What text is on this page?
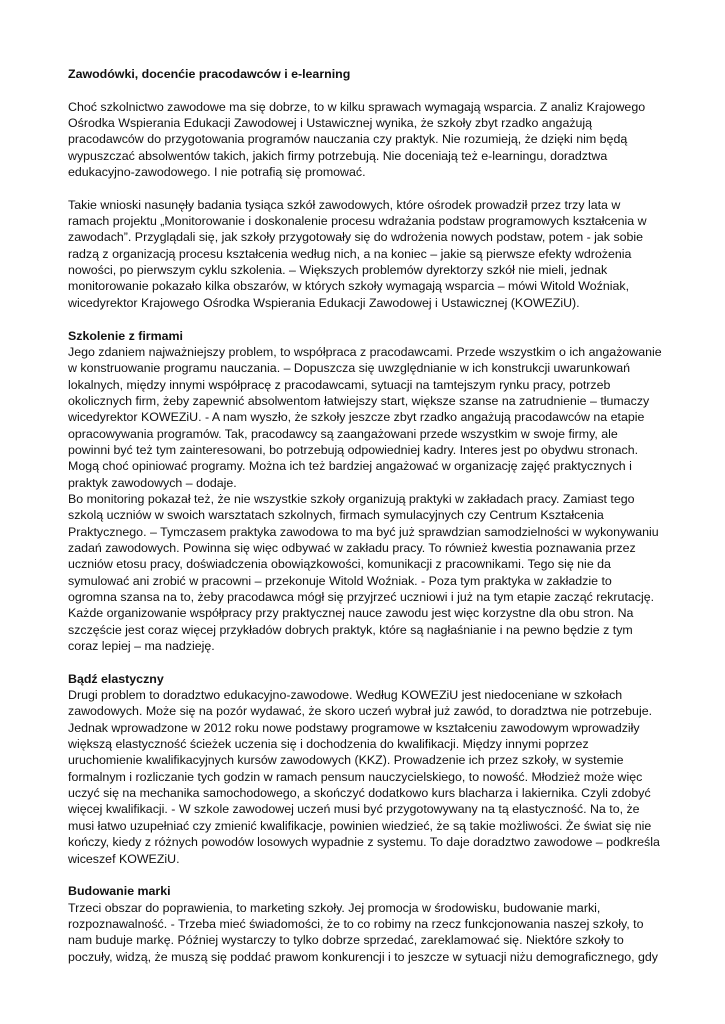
Zawodówki, docenćie pracodawców i e-learning

Choć szkolnictwo zawodowe ma się dobrze, to w kilku sprawach wymagają wsparcia. Z analiz Krajowego Ośrodka Wspierania Edukacji Zawodowej i Ustawicznej wynika, że szkoły zbyt rzadko angażują pracodawców do przygotowania programów nauczania czy praktyk. Nie rozumieją, że dzięki nim będą wypuszczać absolwentów takich, jakich firmy potrzebują. Nie doceniają też e-learningu, doradztwa edukacyjno-zawodowego. I nie potrafią się promować.

Takie wnioski nasunęły badania tysiąca szkół zawodowych, które ośrodek prowadził przez trzy lata w ramach projektu „Monitorowanie i doskonalenie procesu wdrażania podstaw programowych kształcenia w zawodach”. Przyglądali się, jak szkoły przygotowały się do wdrożenia nowych podstaw, potem - jak sobie radzą z organizacją procesu kształcenia według nich, a na koniec – jakie są pierwsze efekty wdrożenia nowości, po pierwszym cyklu szkolenia. – Większych problemów dyrektorzy szkół nie mieli, jednak monitorowanie pokazało kilka obszarów, w których szkoły wymagają wsparcia – mówi Witold Woźniak, wicedyrektor Krajowego Ośrodka Wspierania Edukacji Zawodowej i Ustawicznej (KOWEZiU).

Szkolenie z firmami

Jego zdaniem najważniejszy problem, to współpraca z pracodawcami. Przede wszystkim o ich angażowanie w konstruowanie programu nauczania. – Dopuszcza się uwzględnianie w ich konstrukcji uwarunkowań lokalnych, między innymi współpracę z pracodawcami, sytuacji na tamtejszym rynku pracy, potrzeb okolicznych firm, żeby zapewnić absolwentom łatwiejszy start, większe szanse na zatrudnienie – tłumaczy wicedyrektor KOWEZiU. - A nam wyszło, że szkoły jeszcze zbyt rzadko angażują pracodawców na etapie opracowywania programów. Tak, pracodawcy są zaangażowani przede wszystkim w swoje firmy, ale powinni być też tym zainteresowani, bo potrzebują odpowiedniej kadry. Interes jest po obydwu stronach. Mogą choć opiniować programy. Można ich też bardziej angażować w organizację zajęć praktycznych i praktyk zawodowych – dodaje.

Bo monitoring pokazał też, że nie wszystkie szkoły organizują praktyki w zakładach pracy. Zamiast tego szkolą uczniów w swoich warsztatach szkolnych, firmach symulacyjnych czy Centrum Kształcenia Praktycznego. – Tymczasem praktyka zawodowa to ma być już sprawdzian samodzielności w wykonywaniu zadań zawodowych. Powinna się więc odbywać w zakładu pracy. To również kwestia poznawania przez uczniów etosu pracy, doświadczenia obowiązkowości, komunikacji z pracownikami. Tego się nie da symulować ani zrobić w pracowni – przekonuje Witold Woźniak. - Poza tym praktyka w zakładzie to ogromna szansa na to, żeby pracodawca mógł się przyjrzeć uczniowi i już na tym etapie zacząć rekrutację. Każde organizowanie współpracy przy praktycznej nauce zawodu jest więc korzystne dla obu stron. Na szczęście jest coraz więcej przykładów dobrych praktyk, które są nagłaśnianie i na pewno będzie z tym coraz lepiej – ma nadzieję.

Bądź elastyczny

Drugi problem to doradztwo edukacyjno-zawodowe. Według KOWEZiU jest niedoceniane w szkołach zawodowych. Może się na pozór wydawać, że skoro uczeń wybrał już zawód, to doradztwa nie potrzebuje. Jednak wprowadzone w 2012 roku nowe podstawy programowe w kształceniu zawodowym wprowadziły większą elastyczność ścieżek uczenia się i dochodzenia do kwalifikacji. Między innymi poprzez uruchomienie kwalifikacyjnych kursów zawodowych (KKZ). Prowadzenie ich przez szkoły, w systemie formalnym i rozliczanie tych godzin w ramach pensum nauczycielskiego, to nowość. Młodzież może więc uczyć się na mechanika samochodowego, a skończyć dodatkowo kurs blacharza i lakiernika. Czyli zdobyć więcej kwalifikacji. - W szkole zawodowej uczeń musi być przygotowywany na tą elastyczność. Na to, że musi łatwo uzupełniać czy zmienić kwalifikacje, powinien wiedzieć, że są takie możliwości. Że świat się nie kończy, kiedy z różnych powodów losowych wypadnie z systemu. To daje doradztwo zawodowe – podkreśla wiceszef KOWEZiU.

Budowanie marki

Trzeci obszar do poprawienia, to marketing szkoły. Jej promocja w środowisku, budowanie marki, rozpoznawalność. - Trzeba mieć świadomości, że to co robimy na rzecz funkcjonowania naszej szkoły, to nam buduje markę. Później wystarczy to tylko dobrze sprzedać, zareklamować się. Niektóre szkoły to poczuły, widzą, że muszą się poddać prawom konkurencji i to jeszcze w sytuacji niżu demograficznego, gdy
